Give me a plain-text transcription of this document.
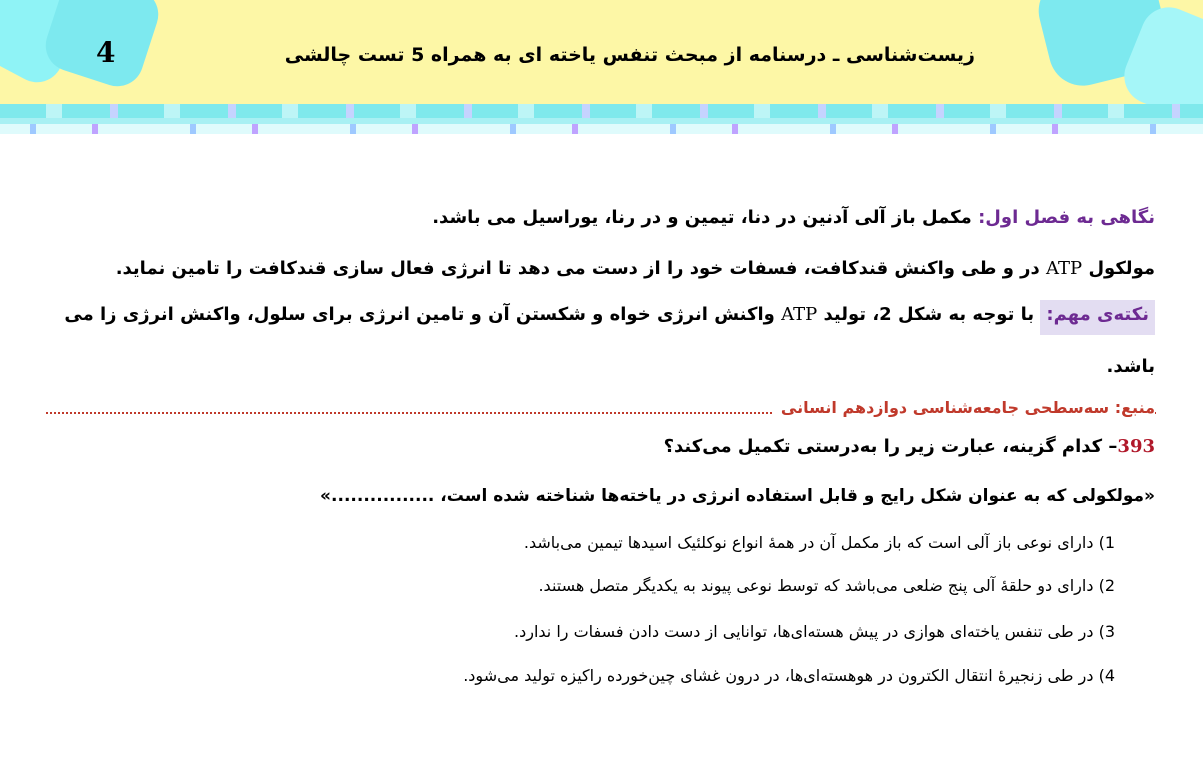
4	زیست‌شناسی ـ درسنامه از مبحث تنفس یاخته ای به همراه 5 تست چالشی
نگاهی به فصل اول: مکمل باز آلی آدنین در دنا، تیمین و در رنا، یوراسیل می باشد.
مولکول ATP در و طی واکنش قندکافت، فسفات خود را از دست می دهد تا انرژی فعال سازی قندکافت را تامین نماید.
نکته‌ی مهم: با توجه به شکل 2، تولید ATP واکنش انرژی خواه و شکستن آن و تامین انرژی برای سلول، واکنش انرژی زا می
باشد.
منبع: سه‌سطحی جامعه‌شناسی دوازدهم انسانی
393– کدام گزینه، عبارت زیر را به‌درستی تکمیل می‌کند؟
«مولکولی که به عنوان شکل رایج و قابل استفاده انرژی در یاخته‌ها شناخته شده است، ................»
1) دارای نوعی باز آلی است که باز مکمل آن در همهٔ انواع نوکلئیک اسیدها تیمین می‌باشد.
2) دارای دو حلقهٔ آلی پنج ضلعی می‌باشد که توسط نوعی پیوند به یکدیگر متصل هستند.
3) در طی تنفس یاخته‌ای هوازی در پیش هسته‌ای‌ها، توانایی از دست دادن فسفات را ندارد.
4) در طی زنجیرهٔ انتقال الکترون در هوهسته‌ای‌ها، در درون غشای چین‌خورده راکیزه تولید می‌شود.
